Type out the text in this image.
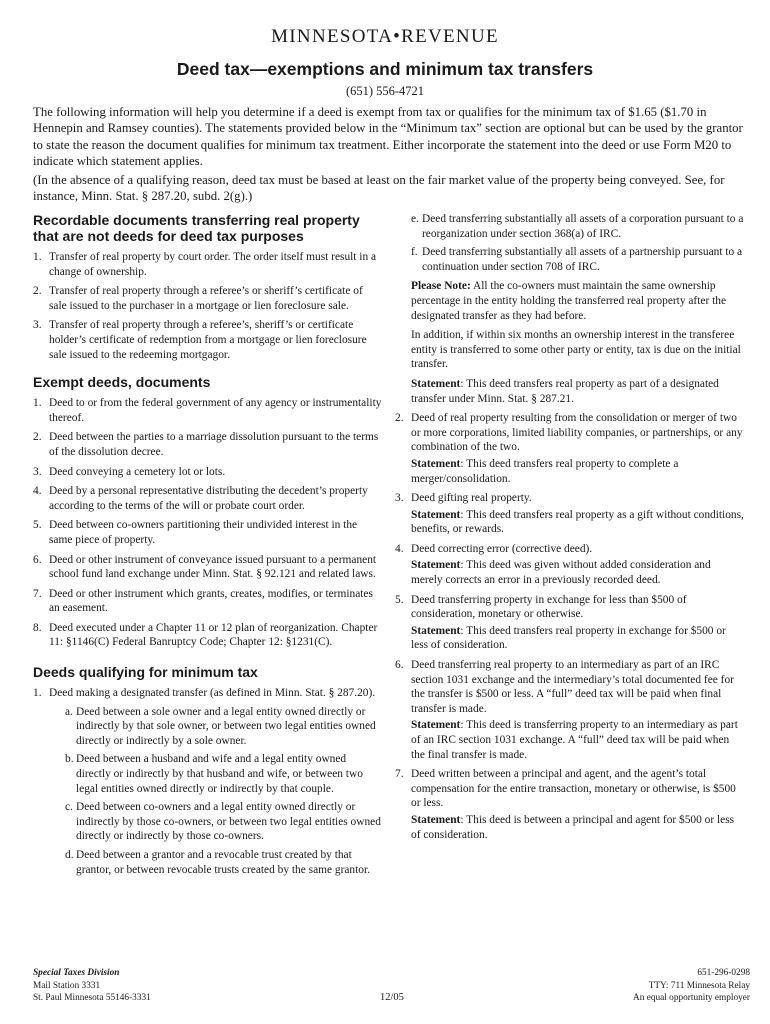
MINNESOTA•REVENUE
Deed tax—exemptions and minimum tax transfers
(651) 556-4721

The following information will help you determine if a deed is exempt from tax or qualifies for the minimum tax of $1.65 ($1.70 in Hennepin and Ramsey counties). The statements provided below in the “Minimum tax” section are optional but can be used by the grantor to state the reason the document qualifies for minimum tax treatment. Either incorporate the statement into the deed or use Form M20 to indicate which statement applies.

(In the absence of a qualifying reason, deed tax must be based at least on the fair market value of the property being conveyed. See, for instance, Minn. Stat. § 287.20, subd. 2(g).)

Recordable documents transferring real property that are not deeds for deed tax purposes
1. Transfer of real property by court order. The order itself must result in a change of ownership.
2. Transfer of real property through a referee’s or sheriff’s certificate of sale issued to the purchaser in a mortgage or lien foreclosure sale.
3. Transfer of real property through a referee’s, sheriff’s or certificate holder’s certificate of redemption from a mortgage or lien foreclosure sale issued to the redeeming mortgagor.
Exempt deeds, documents
1. Deed to or from the federal government of any agency or instrumentality thereof.
2. Deed between the parties to a marriage dissolution pursuant to the terms of the dissolution decree.
3. Deed conveying a cemetery lot or lots.
4. Deed by a personal representative distributing the decedent’s property according to the terms of the will or probate court order.
5. Deed between co-owners partitioning their undivided interest in the same piece of property.
6. Deed or other instrument of conveyance issued pursuant to a permanent school fund land exchange under Minn. Stat. § 92.121 and related laws.
7. Deed or other instrument which grants, creates, modifies, or terminates an easement.
8. Deed executed under a Chapter 11 or 12 plan of reorganization. Chapter 11: §1146(C) Federal Banruptcy Code; Chapter 12: §1231(C).
Deeds qualifying for minimum tax
1. Deed making a designated transfer (as defined in Minn. Stat. § 287.20).
a. Deed between a sole owner and a legal entity owned directly or indirectly by that sole owner, or between two legal entities owned directly or indirectly by a sole owner.
b. Deed between a husband and wife and a legal entity owned directly or indirectly by that husband and wife, or between two legal entities owned directly or indirectly by that couple.
c. Deed between co-owners and a legal entity owned directly or indirectly by those co-owners, or between two legal entities owned directly or indirectly by those co-owners.
d. Deed between a grantor and a revocable trust created by that grantor, or between revocable trusts created by the same grantor.
e. Deed transferring substantially all assets of a corporation pursuant to a reorganization under section 368(a) of IRC.
f. Deed transferring substantially all assets of a partnership pursuant to a continuation under section 708 of IRC.

Please Note: All the co-owners must maintain the same ownership percentage in the entity holding the transferred real property after the designated transfer as they had before.

In addition, if within six months an ownership interest in the transferee entity is transferred to some other party or entity, tax is due on the initial transfer.

Statement: This deed transfers real property as part of a designated transfer under Minn. Stat. § 287.21.

2. Deed of real property resulting from the consolidation or merger of two or more corporations, limited liability companies, or partnerships, or any combination of the two.

Statement: This deed transfers real property to complete a merger/consolidation.

3. Deed gifting real property.

Statement: This deed transfers real property as a gift without conditions, benefits, or rewards.

4. Deed correcting error (corrective deed).

Statement: This deed was given without added consideration and merely corrects an error in a previously recorded deed.

5. Deed transferring property in exchange for less than $500 of consideration, monetary or otherwise.

Statement: This deed transfers real property in exchange for $500 or less of consideration.

6. Deed transferring real property to an intermediary as part of an IRC section 1031 exchange and the intermediary’s total documented fee for the transfer is $500 or less. A “full” deed tax will be paid when final transfer is made.

Statement: This deed is transferring property to an intermediary as part of an IRC section 1031 exchange. A “full” deed tax will be paid when the final transfer is made.

7. Deed written between a principal and agent, and the agent’s total compensation for the entire transaction, monetary or otherwise, is $500 or less.

Statement: This deed is between a principal and agent for $500 or less of consideration.

Special Taxes Division
Mail Station 3331
St. Paul Minnesota 55146-3331	12/05
651-296-0298
TTY: 711 Minnesota Relay
An equal opportunity employer
